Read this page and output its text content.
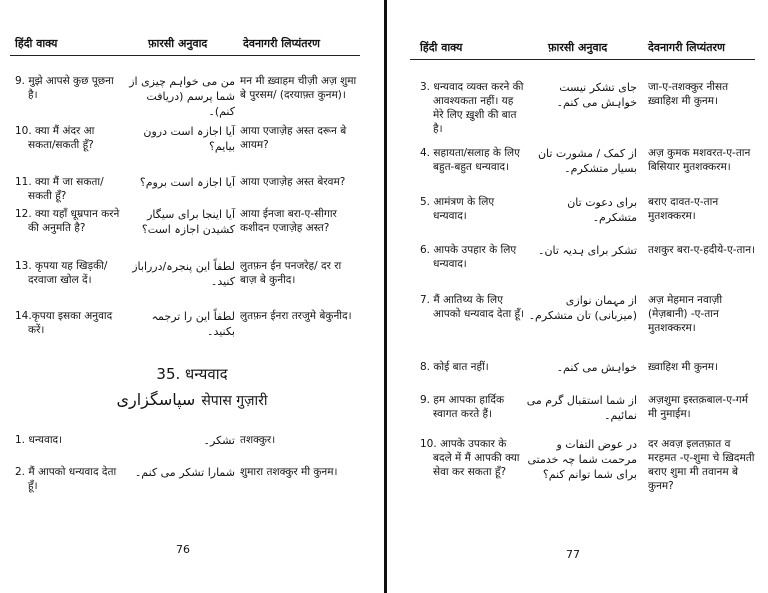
हिंदी वाक्य	फ़ारसी अनुवाद	देवनागरी लिप्यंतरण
9. मुझे आपसे कुछ पूछना है।
من می خواہم چیزی از شما پرسم (دریافت کنم)۔
मन मी ख़्वाहम चीज़ी अज़ शुमा बे पुरसम/ (दरयाफ़्त कुनम)।
10. क्या मैं अंदर आ सकता/सकती हूँ?
آیا اجازہ است درون بیایم؟
आया एजाज़ेह अस्त दरून बे आयम?
11. क्या मैं जा सकता/सकती हूँ?
آیا اجازہ است بروم؟ आया एजाज़ेह अस्त बेरवम?
12. क्या यहाँ धूम्रपान करने की अनुमति है?
آیا اینجا برای سیگار کشیدن اجازہ است؟
आया ईनजा बरा-ए-सीगार कशीदन एजाज़ेह अस्त?
13. कृपया यह खिड़की/ दरवाजा खोल दें।
لطفاً این پنجرہ/درراباز کنید۔
लुतफ़न ईन पनजरेह/ दर रा बाज़ बे कुनीद।
14.कृपया इसका अनुवाद करें।
لطفاً این را ترجمہ بکنید۔
लुतफ़न ईनरा तरजुमे बेकुनीद।
35. धन्यवाद
سپاسگزاری सेपास गुज़ारी
1. धन्यवाद।	تشکر۔ तशक्कुर।
2. मैं आपको धन्यवाद देता हूँ।
شمارا تشکر می کنم۔ शुमारा तशक्कुर मी कुनम।
76
हिंदी वाक्य	फ़ारसी अनुवाद	देवनागरी लिप्यंतरण
3. धन्यवाद व्यक्त करने की आवश्यकता नहीं। यह मेरे लिए ख़ुशी की बात है।
جای تشکر نیست خواہش می کنم۔
जा-ए-तशक्कुर नीसत ख़्वाहिश मी कुनम।
4. सहायता/सलाह के लिए बहुत-बहुत धन्यवाद।
از کمک / مشورت تان بسیار متشکرم۔
अज़ कुमक मशवरत-ए-तान बिसियार मुतशक्करम।
5. आमंत्रण के लिए धन्यवाद।
برای دعوت تان متشکرم۔
बराए दावत-ए-तान मुतशक्करम।
6. आपके उपहार के लिए धन्यवाद।
تشکر برای ہدیہ تان۔ तशकुर बरा-ए-हदीये-ए-तान।
7. मैं आतिथ्य के लिए आपको धन्यवाद देता हूँ।
از مہمان نوازی (میزبانی) تان متشکرم۔
अज़ मेहमान नवाज़ी (मेज़बानी) -ए-तान मुतशक्करम।
8. कोई बात नहीं।	خواہش می کنم۔ ख़्वाहिश मी कुनम।
9. हम आपका हार्दिक स्वागत करते हैं।
از شما استقبال گرم می نمائیم۔
अज़शुमा इस्तक़बाल-ए-गर्म मी नुमाईम।
10. आपके उपकार के बदले में मैं आपकी क्या सेवा कर सकता हूँ?
در عوض التفات و مرحمت شما چہ خدمتی برای شما توانم کنم؟
दर अवज़ इलतफ़ात व मरहमत -ए-शुमा चे ख़िदमती बराए शुमा मी तवानम बे कुनम?
77
